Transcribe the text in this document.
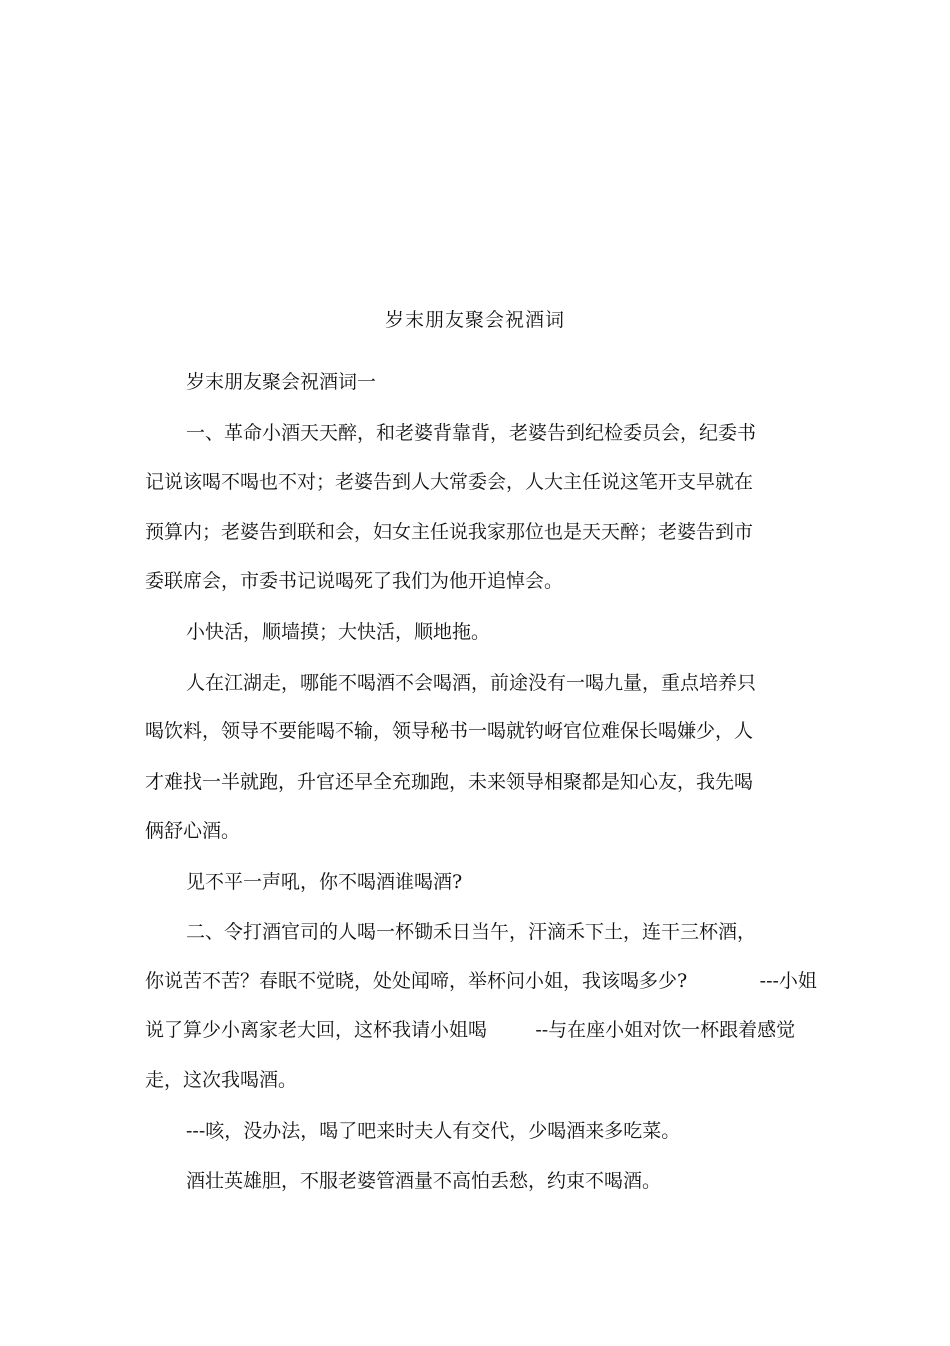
岁末朋友聚会祝酒词
岁末朋友聚会祝酒词一
一、革命小酒天天醉，和老婆背靠背，老婆告到纪检委员会，纪委书
记说该喝不喝也不对；老婆告到人大常委会，人大主任说这笔开支早就在
预算内；老婆告到联和会，妇女主任说我家那位也是天天醉；老婆告到市
委联席会，市委书记说喝死了我们为他开追悼会。
小快活，顺墙摸；大快活，顺地拖。
人在江湖走，哪能不喝酒不会喝酒，前途没有一喝九量，重点培养只
喝饮料，领导不要能喝不输，领导秘书一喝就钓岈官位难保长喝嫌少，人
才难找一半就跑，升官还早全充珈跑，未来领导相聚都是知心友，我先喝
俩舒心酒。
见不平一声吼，你不喝酒谁喝酒?
二、令打酒官司的人喝一杯锄禾日当午，汗滴禾下土，连干三杯酒，
你说苦不苦？春眠不觉晓，处处闻啼，举杯问小姐，我该喝多少?            ---小姐
说了算少小离家老大回，这杯我请小姐喝        --与在座小姐对饮一杯跟着感觉
走，这次我喝酒。
---咳，没办法，喝了吧来时夫人有交代，少喝酒来多吃菜。
酒壮英雄胆，不服老婆管酒量不高怕丢愁，约束不喝酒。
